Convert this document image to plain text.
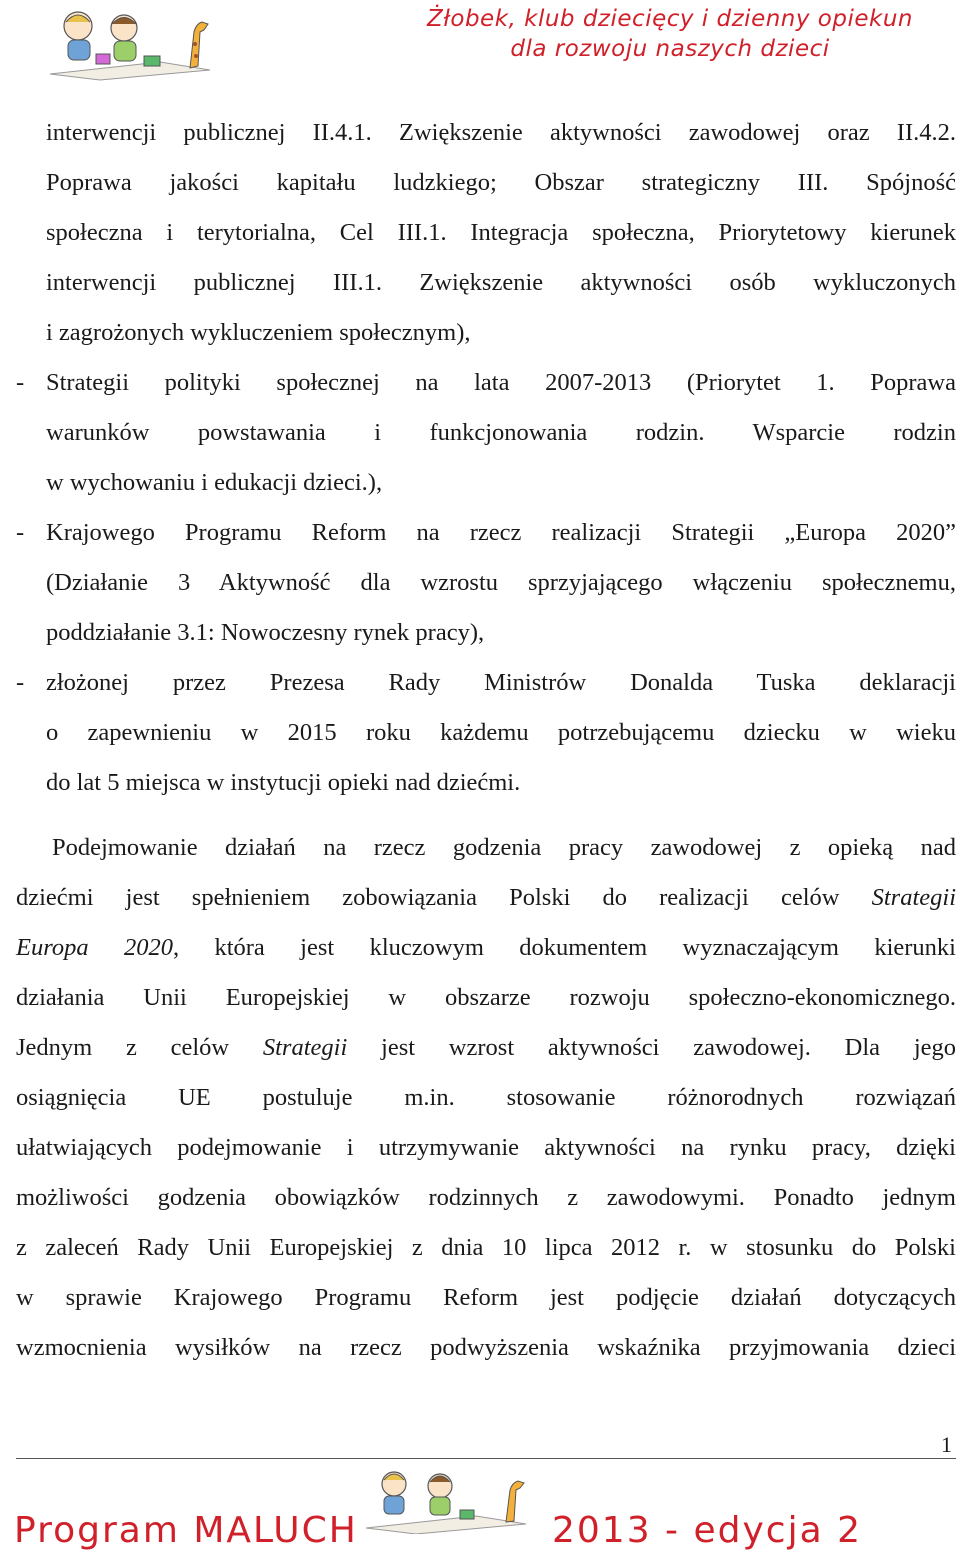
Żłobek, klub dziecięcy i dzienny opiekun
dla rozwoju naszych dzieci
interwencji publicznej II.4.1. Zwiększenie aktywności zawodowej oraz II.4.2.
Poprawa jakości kapitału ludzkiego; Obszar strategiczny III. Spójność
społeczna i terytorialna, Cel III.1. Integracja społeczna, Priorytetowy kierunek
interwencji publicznej III.1. Zwiększenie aktywności osób wykluczonych
i zagrożonych wykluczeniem społecznym),
- Strategii polityki społecznej na lata 2007-2013 (Priorytet 1. Poprawa
warunków powstawania i funkcjonowania rodzin. Wsparcie rodzin
w wychowaniu i edukacji dzieci.),
- Krajowego Programu Reform na rzecz realizacji Strategii „Europa 2020”
(Działanie 3 Aktywność dla wzrostu sprzyjającego włączeniu społecznemu,
poddziałanie 3.1: Nowoczesny rynek pracy),
- złożonej przez Prezesa Rady Ministrów Donalda Tuska deklaracji
o zapewnieniu w 2015 roku każdemu potrzebującemu dziecku w wieku
do lat 5 miejsca w instytucji opieki nad dziećmi.
Podejmowanie działań na rzecz godzenia pracy zawodowej z opieką nad
dziećmi jest spełnieniem zobowiązania Polski do realizacji celów Strategii
Europa 2020, która jest kluczowym dokumentem wyznaczającym kierunki
działania Unii Europejskiej w obszarze rozwoju społeczno-ekonomicznego.
Jednym z celów Strategii jest wzrost aktywności zawodowej. Dla jego
osiągnięcia UE postuluje m.in. stosowanie różnorodnych rozwiązań
ułatwiających podejmowanie i utrzymywanie aktywności na rynku pracy, dzięki
możliwości godzenia obowiązków rodzinnych z zawodowymi. Ponadto jednym
z zaleceń Rady Unii Europejskiej z dnia 10 lipca 2012 r. w stosunku do Polski
w sprawie Krajowego Programu Reform jest podjęcie działań dotyczących
wzmocnienia wysiłków na rzecz podwyższenia wskaźnika przyjmowania dzieci
1
Program MALUCH	2013 - edycja 2
